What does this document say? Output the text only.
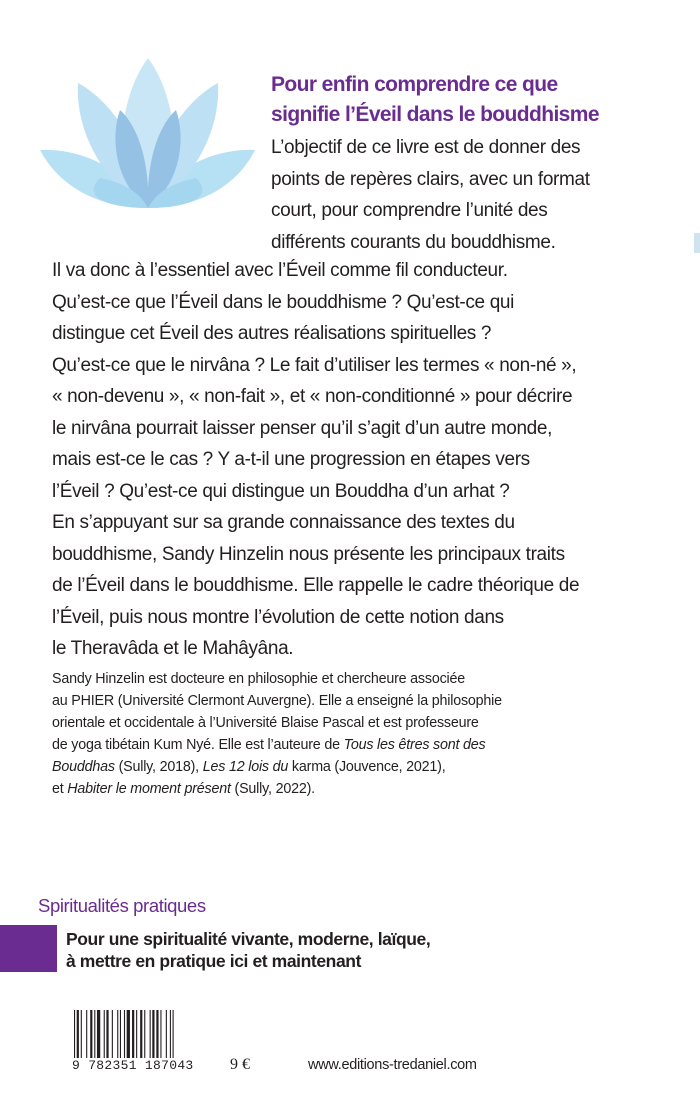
Pour enfin comprendre ce que
signifie l’Éveil dans le bouddhisme
L’objectif de ce livre est de donner des
points de repères clairs, avec un format
court, pour comprendre l’unité des
différents courants du bouddhisme.
Il va donc à l’essentiel avec l’Éveil comme fil conducteur.
Qu’est-ce que l’Éveil dans le bouddhisme ? Qu’est-ce qui
distingue cet Éveil des autres réalisations spirituelles ?
Qu’est-ce que le nirvâna ? Le fait d’utiliser les termes « non-né »,
« non-devenu », « non-fait », et « non-conditionné » pour décrire
le nirvâna pourrait laisser penser qu’il s’agit d’un autre monde,
mais est-ce le cas ? Y a-t-il une progression en étapes vers
l’Éveil ? Qu’est-ce qui distingue un Bouddha d’un arhat ?
En s’appuyant sur sa grande connaissance des textes du
bouddhisme, Sandy Hinzelin nous présente les principaux traits
de l’Éveil dans le bouddhisme. Elle rappelle le cadre théorique de
l’Éveil, puis nous montre l’évolution de cette notion dans
le Theravâda et le Mahâyâna.
Sandy Hinzelin est docteure en philosophie et chercheure associée
au PHIER (Université Clermont Auvergne). Elle a enseigné la philosophie
orientale et occidentale à l’Université Blaise Pascal et est professeure
de yoga tibétain Kum Nyé. Elle est l’auteure de Tous les êtres sont des
Bouddhas (Sully, 2018), Les 12 lois du karma (Jouvence, 2021),
et Habiter le moment présent (Sully, 2022).
Spiritualités pratiques
Pour une spiritualité vivante, moderne, laïque,
à mettre en pratique ici et maintenant
9 782351 187043 9 €	www.editions-tredaniel.com
